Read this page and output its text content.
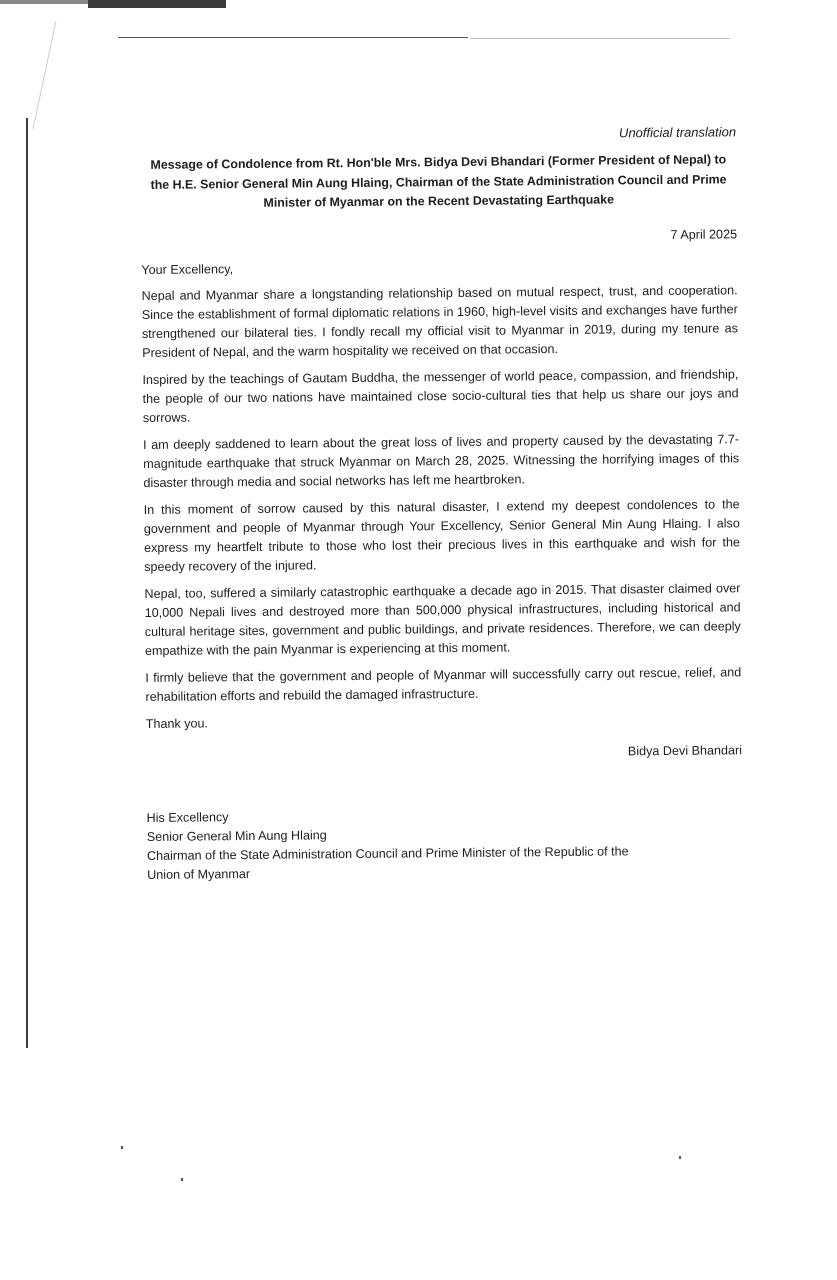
Unofficial translation
Message of Condolence from Rt. Hon'ble Mrs. Bidya Devi Bhandari (Former President of Nepal) to the H.E. Senior General Min Aung Hlaing, Chairman of the State Administration Council and Prime Minister of Myanmar on the Recent Devastating Earthquake
7 April 2025
Your Excellency,
Nepal and Myanmar share a longstanding relationship based on mutual respect, trust, and cooperation. Since the establishment of formal diplomatic relations in 1960, high-level visits and exchanges have further strengthened our bilateral ties. I fondly recall my official visit to Myanmar in 2019, during my tenure as President of Nepal, and the warm hospitality we received on that occasion.
Inspired by the teachings of Gautam Buddha, the messenger of world peace, compassion, and friendship, the people of our two nations have maintained close socio-cultural ties that help us share our joys and sorrows.
I am deeply saddened to learn about the great loss of lives and property caused by the devastating 7.7-magnitude earthquake that struck Myanmar on March 28, 2025. Witnessing the horrifying images of this disaster through media and social networks has left me heartbroken.
In this moment of sorrow caused by this natural disaster, I extend my deepest condolences to the government and people of Myanmar through Your Excellency, Senior General Min Aung Hlaing. I also express my heartfelt tribute to those who lost their precious lives in this earthquake and wish for the speedy recovery of the injured.
Nepal, too, suffered a similarly catastrophic earthquake a decade ago in 2015. That disaster claimed over 10,000 Nepali lives and destroyed more than 500,000 physical infrastructures, including historical and cultural heritage sites, government and public buildings, and private residences. Therefore, we can deeply empathize with the pain Myanmar is experiencing at this moment.
I firmly believe that the government and people of Myanmar will successfully carry out rescue, relief, and rehabilitation efforts and rebuild the damaged infrastructure.
Thank you.
Bidya Devi Bhandari
His Excellency
Senior General Min Aung Hlaing
Chairman of the State Administration Council and Prime Minister of the Republic of the
Union of Myanmar
